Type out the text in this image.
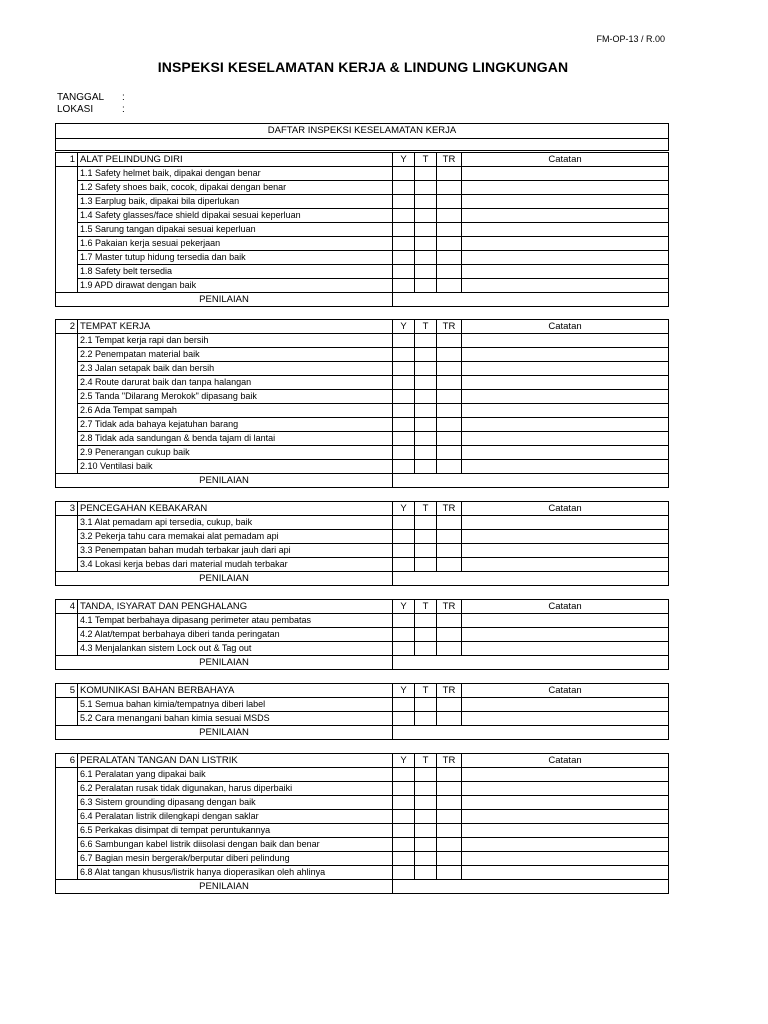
FM-OP-13 / R.00
INSPEKSI KESELAMATAN KERJA & LINDUNG LINGKUNGAN
TANGGAL :
LOKASI	:
DAFTAR INSPEKSI KESELAMATAN KERJA
1	ALAT PELINDUNG DIRI	Y	T	TR	Catatan
	1.1 Safety helmet baik, dipakai dengan benar				
	1.2 Safety shoes baik, cocok, dipakai dengan benar				
	1.3 Earplug baik, dipakai bila diperlukan				
	1.4 Safety glasses/face shield dipakai sesuai keperluan				
	1.5 Sarung tangan dipakai sesuai keperluan				
	1.6 Pakaian kerja sesuai pekerjaan				
	1.7 Master tutup hidung tersedia dan baik				
	1.8 Safety belt tersedia				
	1.9 APD dirawat dengan baik				
PENILAIAN					
2	TEMPAT KERJA	Y	T	TR	Catatan
	2.1 Tempat kerja rapi dan bersih				
	2.2 Penempatan material baik				
	2.3 Jalan setapak baik dan bersih				
	2.4 Route darurat baik dan tanpa halangan				
	2.5 Tanda "Dilarang Merokok" dipasang baik				
	2.6 Ada Tempat sampah				
	2.7 Tidak ada bahaya kejatuhan barang				
	2.8 Tidak ada sandungan & benda tajam di lantai				
	2.9 Penerangan cukup baik				
	2.10 Ventilasi baik				
PENILAIAN					
3	PENCEGAHAN KEBAKARAN	Y	T	TR	Catatan
	3.1 Alat pemadam api tersedia, cukup, baik				
	3.2 Pekerja tahu cara memakai alat pemadam api				
	3.3 Penempatan bahan mudah terbakar jauh dari api				
	3.4 Lokasi kerja bebas dari material mudah terbakar				
PENILAIAN					
4	TANDA, ISYARAT DAN PENGHALANG	Y	T	TR	Catatan
	4.1 Tempat berbahaya dipasang perimeter atau pembatas				
	4.2 Alat/tempat berbahaya diberi tanda peringatan				
	4.3 Menjalankan sistem Lock out & Tag out				
PENILAIAN					
5	KOMUNIKASI BAHAN BERBAHAYA	Y	T	TR	Catatan
	5.1 Semua bahan kimia/tempatnya diberi label				
	5.2 Cara menangani bahan kimia sesuai MSDS				
PENILAIAN					
6	PERALATAN TANGAN DAN LISTRIK	Y	T	TR	Catatan
	6.1 Peralatan yang dipakai baik				
	6.2 Peralatan rusak tidak digunakan, harus diperbaiki				
	6.3 Sistem grounding dipasang dengan baik				
	6.4 Peralatan listrik dilengkapi dengan saklar				
	6.5 Perkakas disimpat di tempat peruntukannya				
	6.6 Sambungan kabel listrik diisolasi dengan baik dan benar				
	6.7 Bagian mesin bergerak/berputar diberi pelindung				
	6.8 Alat tangan khusus/listrik hanya dioperasikan oleh ahlinya				
PENILAIAN					
